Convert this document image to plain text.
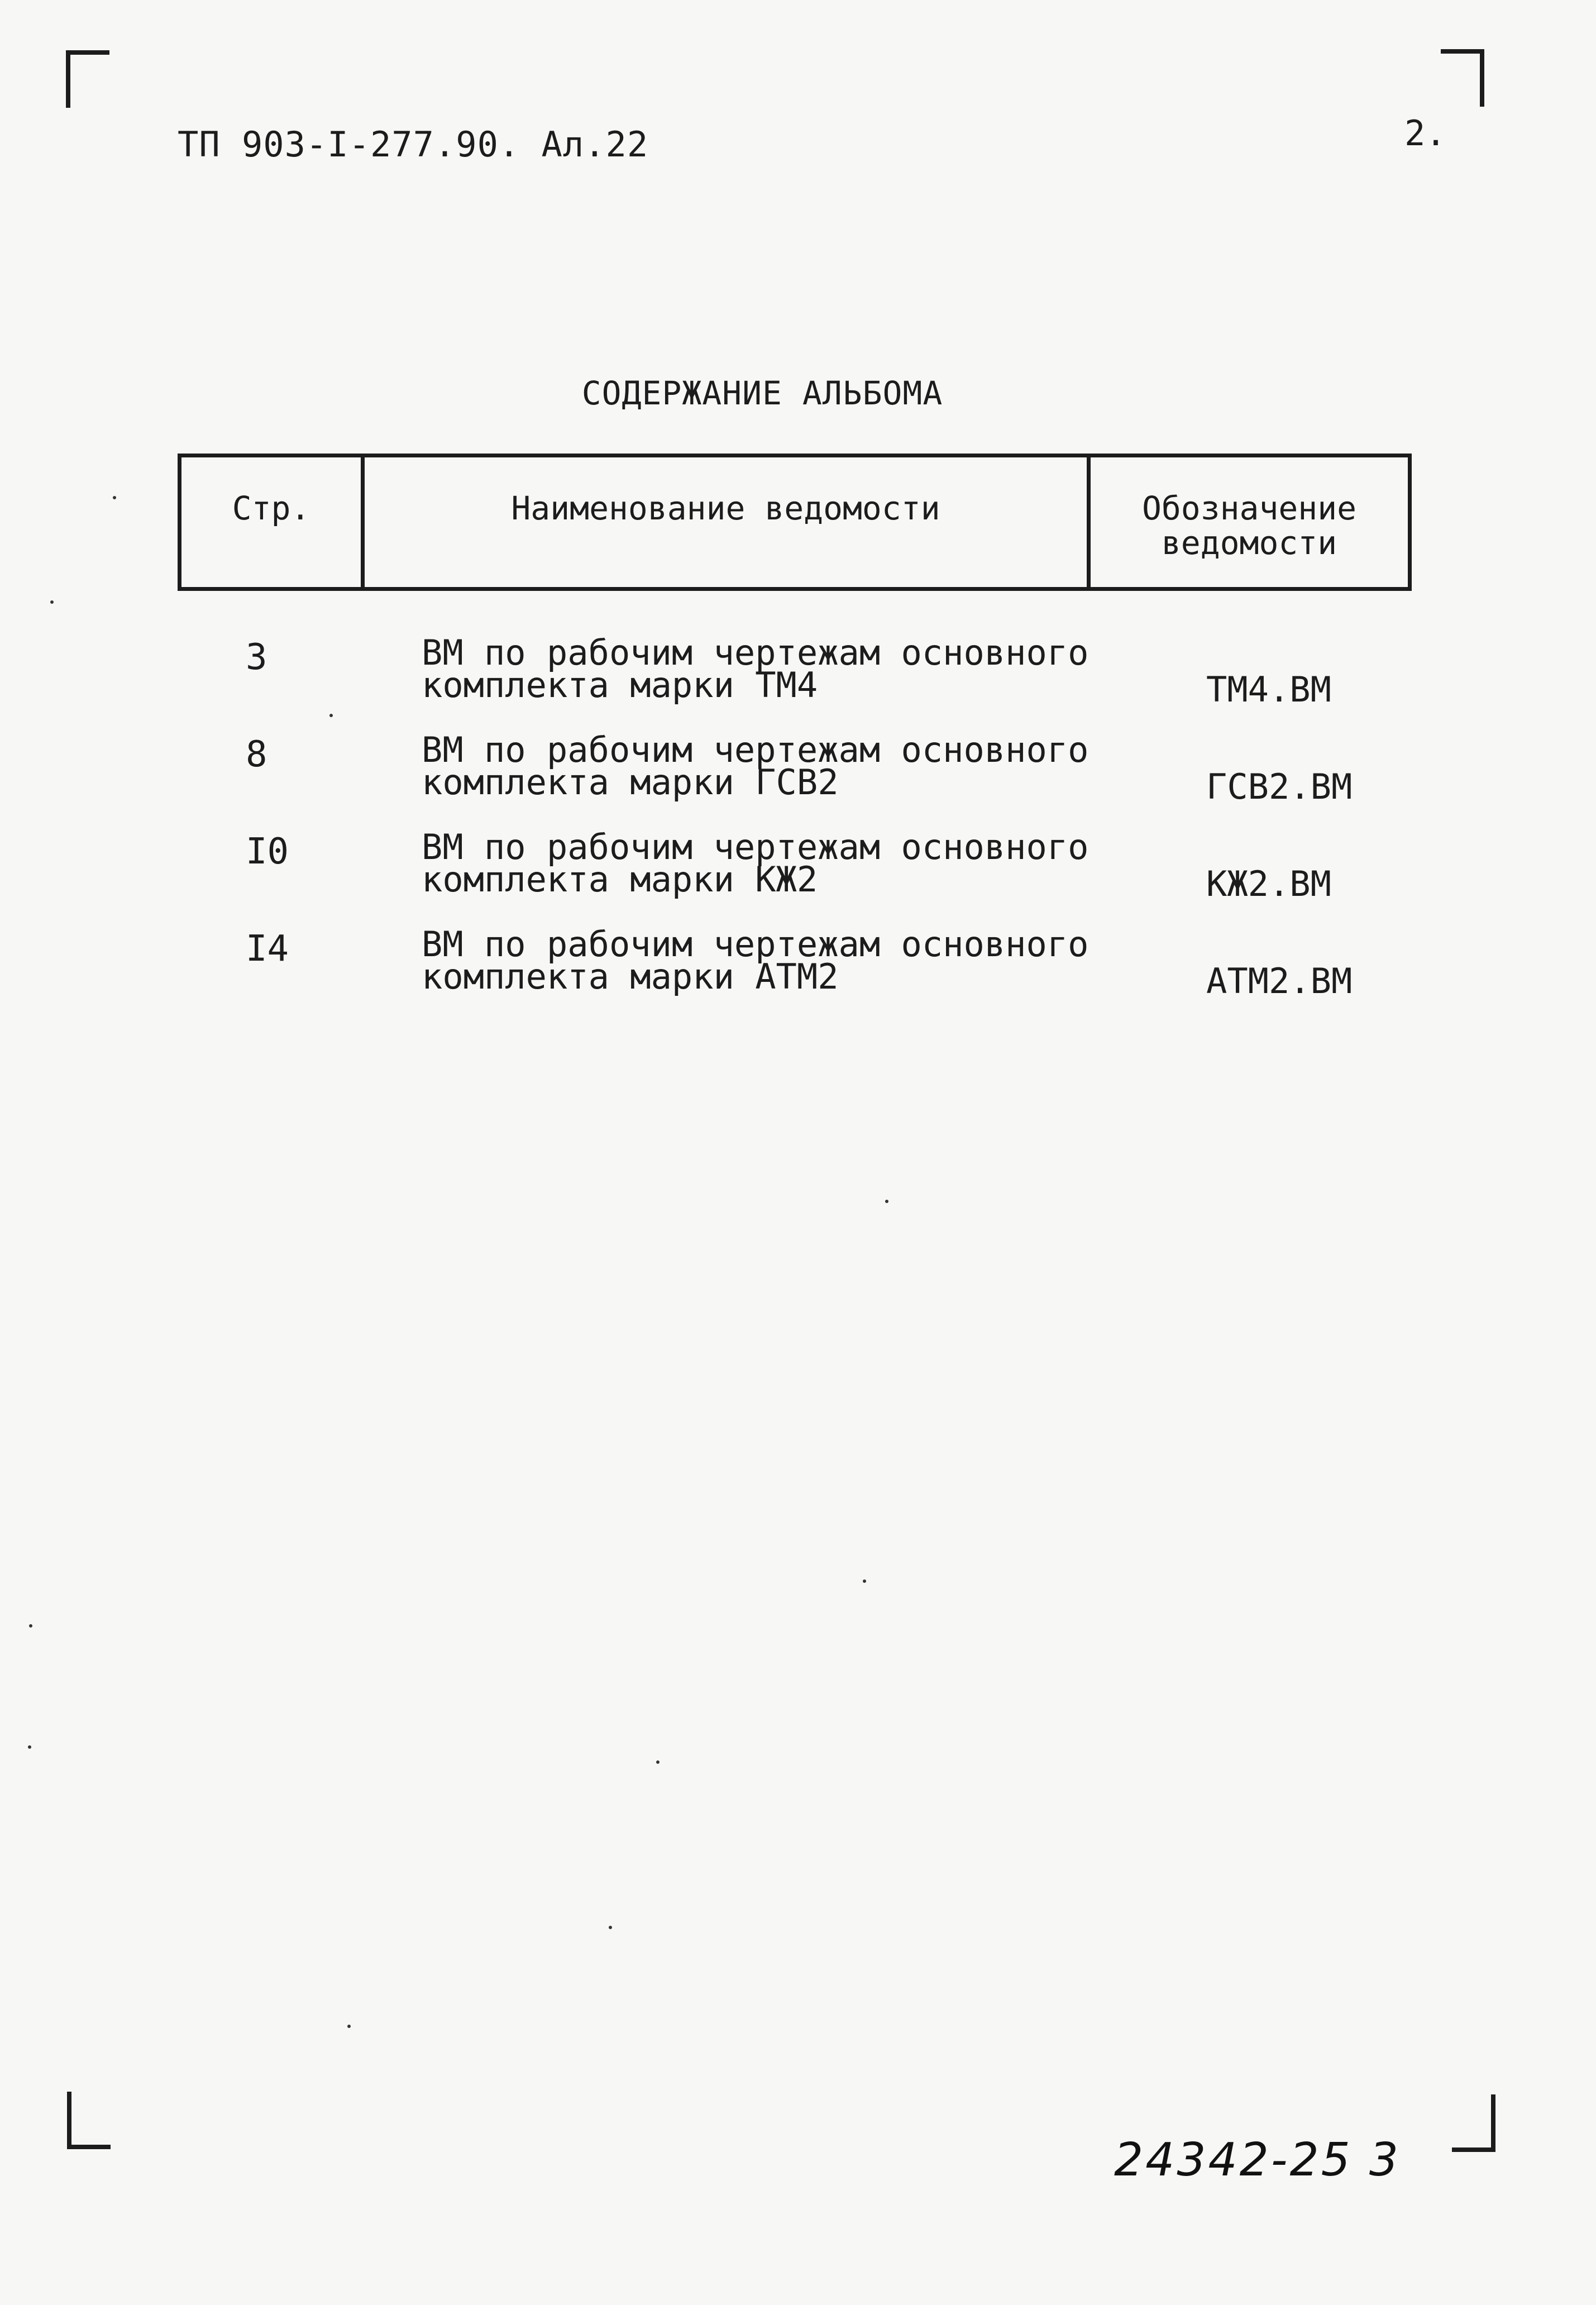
ТП 903-I-277.90. Ал.22	2.
СОДЕРЖАНИЕ АЛЬБОМА
Стр.	Наименование ведомости	Обозначение
ведомости
3	ВМ по рабочим чертежам основного
комплекта марки ТМ4	ТМ4.ВМ
8	ВМ по рабочим чертежам основного
комплекта марки ГСВ2	ГСВ2.ВМ
I0	ВМ по рабочим чертежам основного
комплекта марки КЖ2	КЖ2.ВМ
I4	ВМ по рабочим чертежам основного
комплекта марки АТМ2	АТМ2.ВМ
24342-25 3
